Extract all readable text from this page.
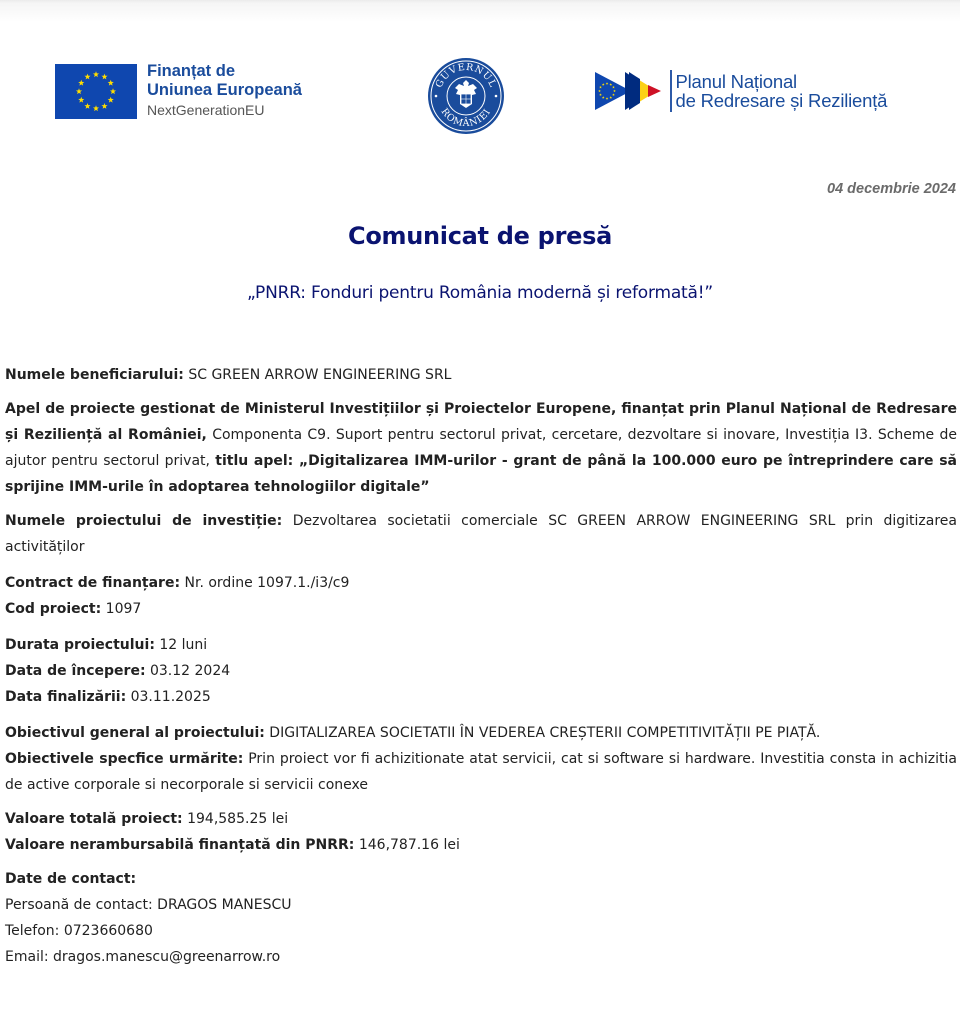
Finanțat de
Uniunea Europeană
NextGenerationEU
GUVERNUL
ROMÂNIEI
Planul Național
de Redresare și Reziliență
04 decembrie 2024
Comunicat de presă
„PNRR: Fonduri pentru România modernă și reformată!”

Numele beneficiarului: SC GREEN ARROW ENGINEERING SRL

Apel de proiecte gestionat de Ministerul Investițiilor și Proiectelor Europene, finanțat prin Planul Național de Redresare și Reziliență al României, Componenta C9. Suport pentru sectorul privat, cercetare, dezvoltare si inovare, Investiția I3. Scheme de ajutor pentru sectorul privat, titlu apel: „Digitalizarea IMM-urilor - grant de până la 100.000 euro pe întreprindere care să sprijine IMM-urile în adoptarea tehnologiilor digitale”

Numele proiectului de investiție: Dezvoltarea societatii comerciale SC GREEN ARROW ENGINEERING SRL prin digitizarea activităților

Contract de finanțare: Nr. ordine 1097.1./i3/c9

Cod proiect: 1097

Durata proiectului: 12 luni

Data de începere: 03.12 2024

Data finalizării: 03.11.2025

Obiectivul general al proiectului: DIGITALIZAREA SOCIETATII ÎN VEDEREA CREȘTERII COMPETITIVITĂȚII PE PIAȚĂ.

Obiectivele specfice urmărite: Prin proiect vor fi achizitionate atat servicii, cat si software si hardware. Investitia consta in achizitia de active corporale si necorporale si servicii conexe

Valoare totală proiect: 194,585.25 lei

Valoare nerambursabilă finanțată din PNRR: 146,787.16 lei

Date de contact:

Persoană de contact: DRAGOS MANESCU

Telefon: 0723660680

Email: dragos.manescu@greenarrow.ro
